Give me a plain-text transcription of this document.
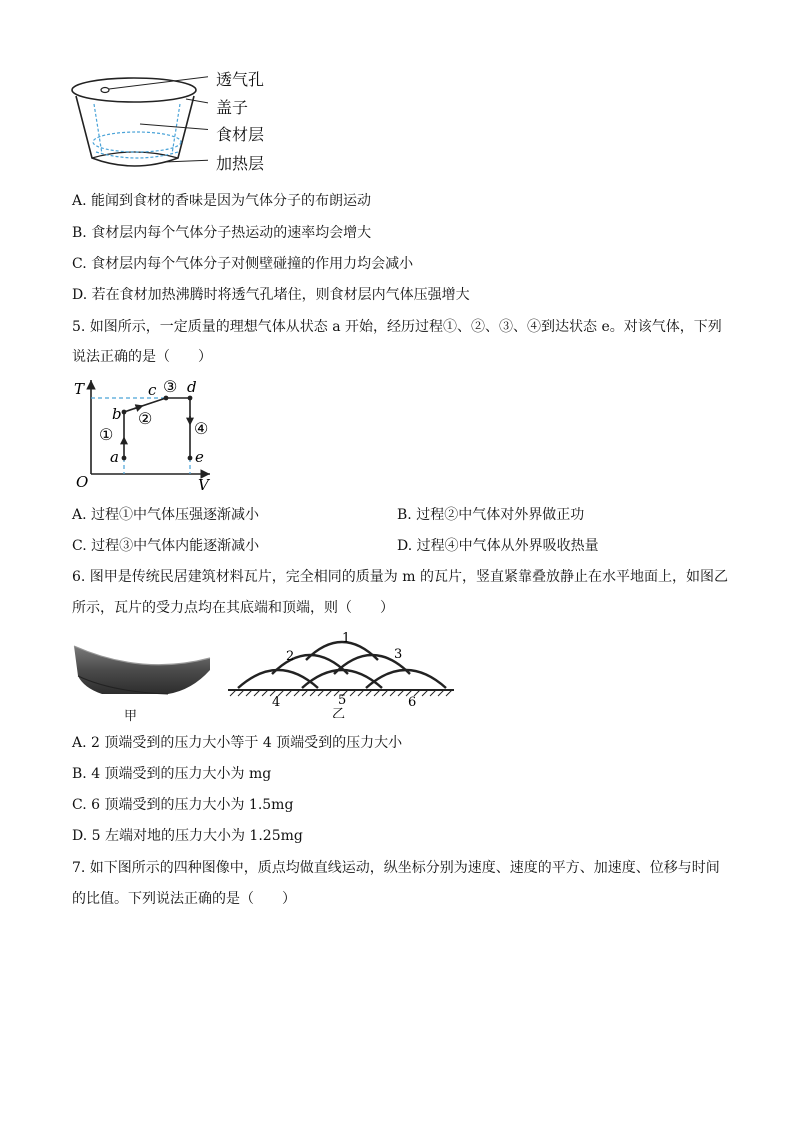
透气孔
盖子
食材层
加热层
A. 能闻到食材的香味是因为气体分子的布朗运动
B. 食材层内每个气体分子热运动的速率均会增大
C. 食材层内每个气体分子对侧壁碰撞的作用力均会减小
D. 若在食材加热沸腾时将透气孔堵住，则食材层内气体压强增大
5. 如图所示，一定质量的理想气体从状态 a 开始，经历过程①、②、③、④到达状态 e。对该气体，下列
说法正确的是（　　）
T
V
O
a
b
c d
e
①
②
③
④
A. 过程①中气体压强逐渐减小	B. 过程②中气体对外界做正功
C. 过程③中气体内能逐渐减小	D. 过程④中气体从外界吸收热量
6. 图甲是传统民居建筑材料瓦片，完全相同的质量为 m 的瓦片，竖直紧靠叠放静止在水平地面上，如图乙
所示，瓦片的受力点均在其底端和顶端，则（　　）
甲
1
2	3
4	5	6
乙
A. 2 顶端受到的压力大小等于 4 顶端受到的压力大小
B. 4 顶端受到的压力大小为 mg
C. 6 顶端受到的压力大小为 1.5mg
D. 5 左端对地的压力大小为 1.25mg
7. 如下图所示的四种图像中，质点均做直线运动，纵坐标分别为速度、速度的平方、加速度、位移与时间
的比值。下列说法正确的是（　　）
